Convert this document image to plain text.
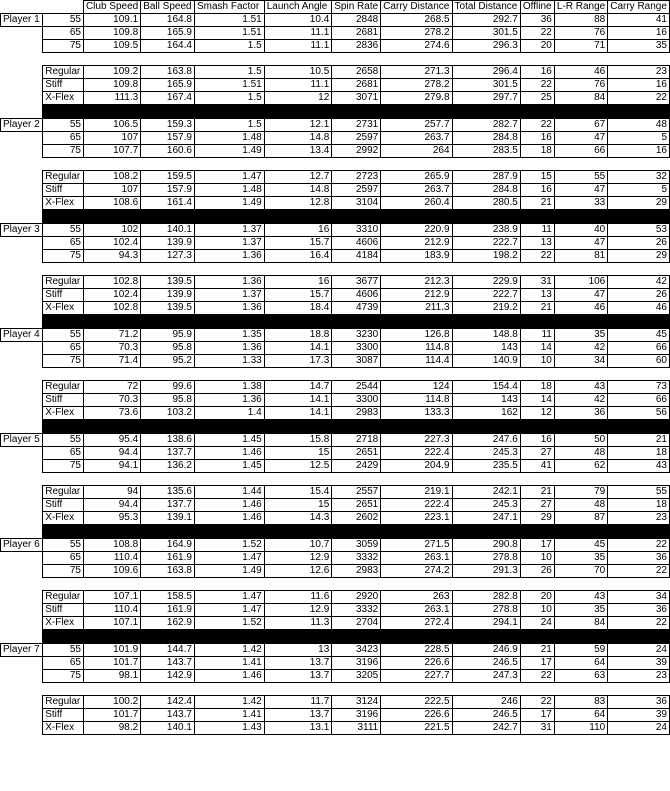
		Club Speed	Ball Speed	Smash Factor	Launch Angle	Spin Rate	Carry Distance	Total Distance	Offline	L-R Range	Carry Range
Player 1	55	109.1	164.8	1.51	10.4	2848	268.5	292.7	36	88	41
	65	109.8	165.9	1.51	11.1	2681	278.2	301.5	22	76	16
	75	109.5	164.4	1.5	11.1	2836	274.6	296.3	20	71	35

	Regular	109.2	163.8	1.5	10.5	2658	271.3	296.4	16	46	23
	Stiff	109.8	165.9	1.51	11.1	2681	278.2	301.5	22	76	16
	X-Flex	111.3	167.4	1.5	12	3071	279.8	297.7	25	84	22

Player 2	55	106.5	159.3	1.5	12.1	2731	257.7	282.7	22	67	48
	65	107	157.9	1.48	14.8	2597	263.7	284.8	16	47	5
	75	107.7	160.6	1.49	13.4	2992	264	283.5	18	66	16

	Regular	108.2	159.5	1.47	12.7	2723	265.9	287.9	15	55	32
	Stiff	107	157.9	1.48	14.8	2597	263.7	284.8	16	47	5
	X-Flex	108.6	161.4	1.49	12.8	3104	260.4	280.5	21	33	29

Player 3	55	102	140.1	1.37	16	3310	220.9	238.9	11	40	53
	65	102.4	139.9	1.37	15.7	4606	212.9	222.7	13	47	26
	75	94.3	127.3	1.36	16.4	4184	183.9	198.2	22	81	29

	Regular	102.8	139.5	1.36	16	3677	212.3	229.9	31	106	42
	Stiff	102.4	139.9	1.37	15.7	4606	212.9	222.7	13	47	26
	X-Flex	102.8	139.5	1.36	18.4	4739	211.3	219.2	21	46	46

Player 4	55	71.2	95.9	1.35	18.8	3230	126.8	148.8	11	35	45
	65	70.3	95.8	1.36	14.1	3300	114.8	143	14	42	66
	75	71.4	95.2	1.33	17.3	3087	114.4	140.9	10	34	60

	Regular	72	99.6	1.38	14.7	2544	124	154.4	18	43	73
	Stiff	70.3	95.8	1.36	14.1	3300	114.8	143	14	42	66
	X-Flex	73.6	103.2	1.4	14.1	2983	133.3	162	12	36	56

Player 5	55	95.4	138.6	1.45	15.8	2718	227.3	247.6	16	50	21
	65	94.4	137.7	1.46	15	2651	222.4	245.3	27	48	18
	75	94.1	136.2	1.45	12.5	2429	204.9	235.5	41	62	43

	Regular	94	135.6	1.44	15.4	2557	219.1	242.1	21	79	55
	Stiff	94.4	137.7	1.46	15	2651	222.4	245.3	27	48	18
	X-Flex	95.3	139.1	1.46	14.3	2602	223.1	247.1	29	87	23

Player 6	55	108.8	164.9	1.52	10.7	3059	271.5	290.8	17	45	22
	65	110.4	161.9	1.47	12.9	3332	263.1	278.8	10	35	36
	75	109.6	163.8	1.49	12.6	2983	274.2	291.3	26	70	22

	Regular	107.1	158.5	1.47	11.6	2920	263	282.8	20	43	34
	Stiff	110.4	161.9	1.47	12.9	3332	263.1	278.8	10	35	36
	X-Flex	107.1	162.9	1.52	11.3	2704	272.4	294.1	24	84	22

Player 7	55	101.9	144.7	1.42	13	3423	228.5	246.9	21	59	24
	65	101.7	143.7	1.41	13.7	3196	226.6	246.5	17	64	39
	75	98.1	142.9	1.46	13.7	3205	227.7	247.3	22	63	23

	Regular	100.2	142.4	1.42	11.7	3124	222.5	246	22	83	36
	Stiff	101.7	143.7	1.41	13.7	3196	226.6	246.5	17	64	39
	X-Flex	98.2	140.1	1.43	13.1	3111	221.5	242.7	31	110	24
